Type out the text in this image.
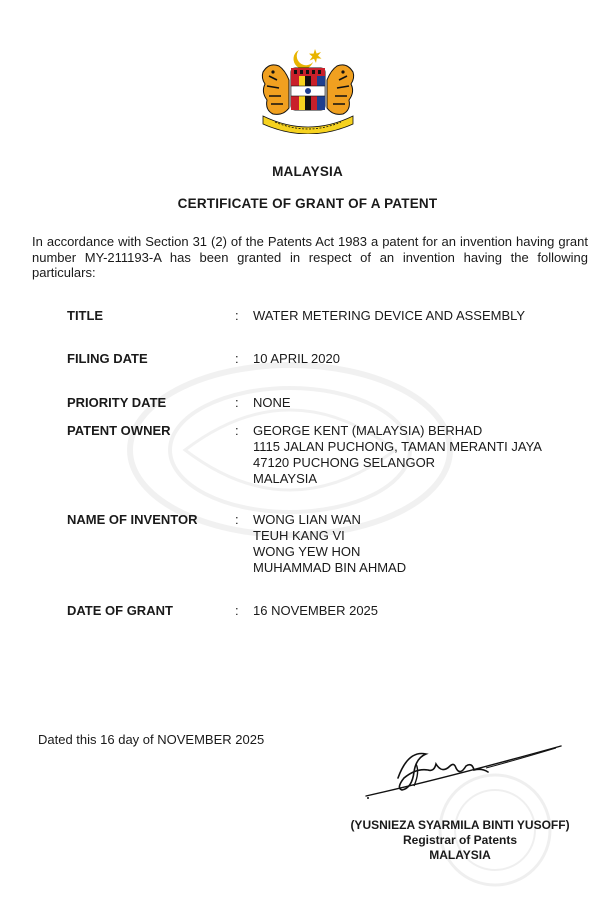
MALAYSIA
CERTIFICATE OF GRANT OF A PATENT
In accordance with Section 31 (2) of the Patents Act 1983 a patent for an invention having grant number MY-211193-A has been granted in respect of an invention having the following particulars:
TITLE	: WATER METERING DEVICE AND ASSEMBLY
FILING DATE	: 10 APRIL 2020
PRIORITY DATE	: NONE
PATENT OWNER	: GEORGE KENT (MALAYSIA) BERHAD
1115 JALAN PUCHONG, TAMAN MERANTI JAYA
47120 PUCHONG SELANGOR
MALAYSIA
NAME OF INVENTOR	: WONG LIAN WAN
TEUH KANG VI
WONG YEW HON
MUHAMMAD BIN AHMAD
DATE OF GRANT	: 16 NOVEMBER 2025
Dated this 16 day of NOVEMBER 2025
(YUSNIEZA SYARMILA BINTI YUSOFF)
Registrar of Patents
MALAYSIA
